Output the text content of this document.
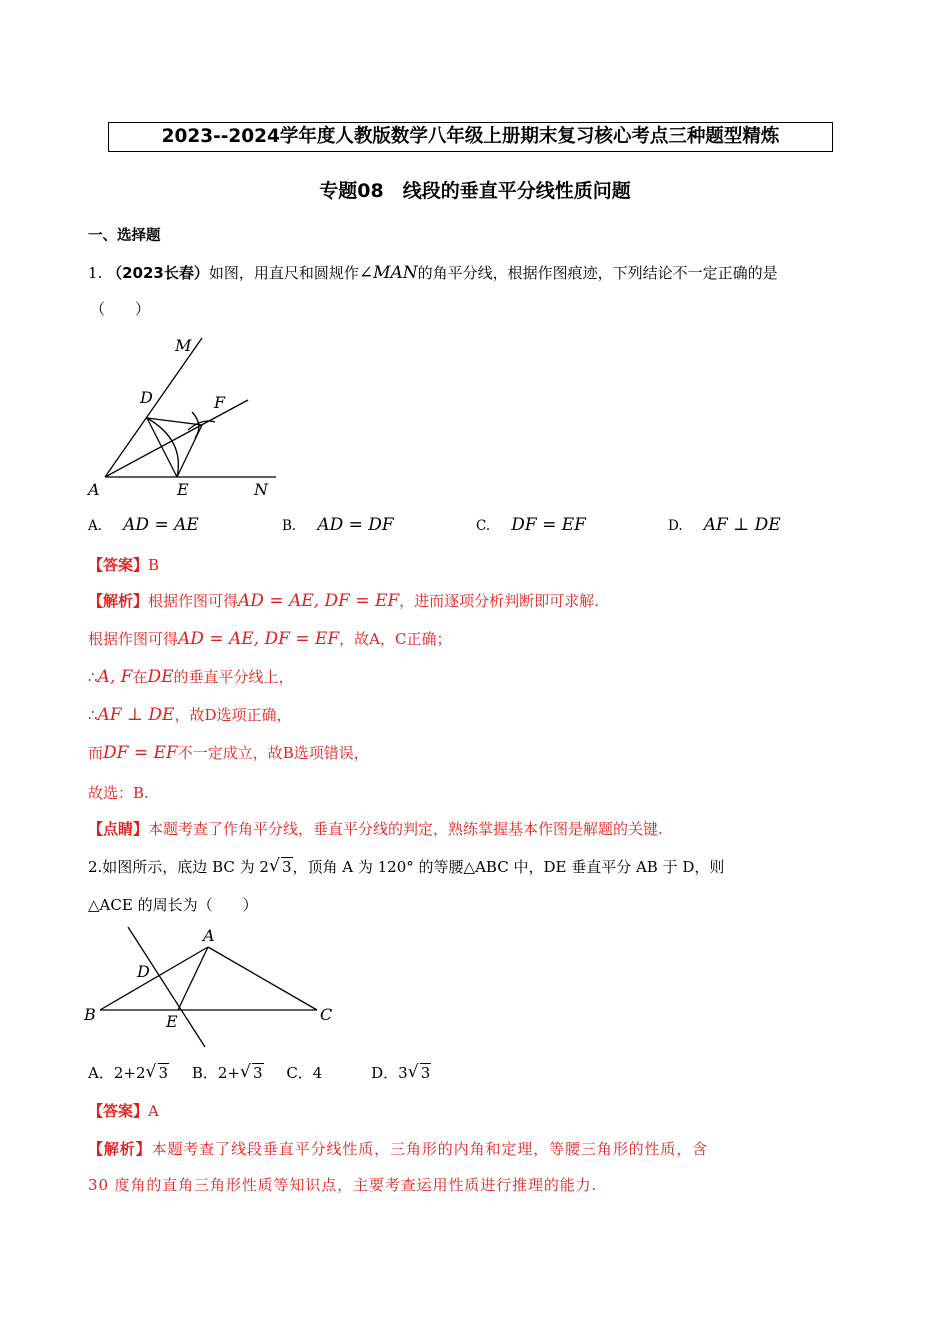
2023--2024学年度人教版数学八年级上册期末复习核心考点三种题型精炼
专题08　线段的垂直平分线性质问题
一、选择题
1. （2023长春）如图，用直尺和圆规作∠MAN的角平分线，根据作图痕迹，下列结论不一定正确的是
（　　）
M
D	F
A	E	N
A. AD = AE	B. AD = DF	C. DF = EF	D. AF ⊥ DE
【答案】B
【解析】根据作图可得AD = AE, DF = EF，进而逐项分析判断即可求解.
根据作图可得AD = AE, DF = EF，故A，C正确；
∴A, F在DE的垂直平分线上，
∴AF ⊥ DE，故D选项正确，
而DF = EF不一定成立，故B选项错误，
故选：B.
【点睛】本题考查了作角平分线，垂直平分线的判定，熟练掌握基本作图是解题的关键.
2.如图所示，底边 BC 为 2 √ 3，顶角 A 为 120° 的等腰△ABC 中，DE 垂直平分 AB 于 D，则
△ACE 的周长为（　　）
A
D
B	E	C
A．2+2 √ 3 B．2+ √ 3 C．4	D．3 √ 3
【答案】A
【解析】本题考查了线段垂直平分线性质，三角形的内角和定理，等腰三角形的性质，含
30 度角的直角三角形性质等知识点，主要考查运用性质进行推理的能力.
